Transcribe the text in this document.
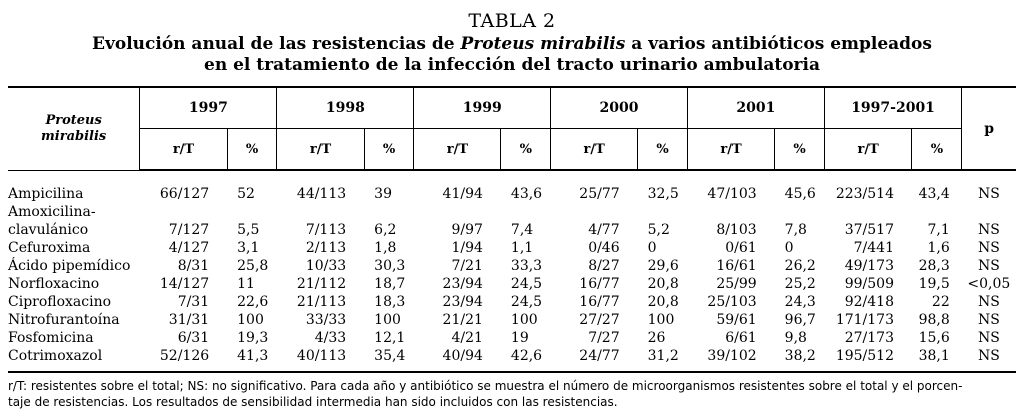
TABLA 2
Evolución anual de las resistencias de Proteus mirabilis a varios antibióticos empleados
en el tratamiento de la infección del tracto urinario ambulatoria
Proteus
mirabilis	1997		1998		1999		2000		2001		1997-2001		p
	r/T	%	r/T	%	r/T	%	r/T	%	r/T	%	r/T	%	
Ampicilina	66/127	52	44/113	39	41/94	43,6	25/77	32,5	47/103	45,6	223/514	43,4	NS
Amoxicilina-													
clavulánico	7/127	5,5	7/113	6,2	9/97	7,4	4/77	5,2	8/103	7,8	37/517	7,1	NS
Cefuroxima	4/127	3,1	2/113	1,8	1/94	1,1	0/46	0	0/61	0	7/441	1,6	NS
Ácido pipemídico	8/31	25,8	10/33	30,3	7/21	33,3	8/27	29,6	16/61	26,2	49/173	28,3	NS
Norfloxacino	14/127	11	21/112	18,7	23/94	24,5	16/77	20,8	25/99	25,2	99/509	19,5	<0,05
Ciprofloxacino	7/31	22,6	21/113	18,3	23/94	24,5	16/77	20,8	25/103	24,3	92/418	22	NS
Nitrofurantoína	31/31	100	33/33	100	21/21	100	27/27	100	59/61	96,7	171/173	98,8	NS
Fosfomicina	6/31	19,3	4/33	12,1	4/21	19	7/27	26	6/61	9,8	27/173	15,6	NS
Cotrimoxazol	52/126	41,3	40/113	35,4	40/94	42,6	24/77	31,2	39/102	38,2	195/512	38,1	NS
r/T: resistentes sobre el total; NS: no significativo. Para cada año y antibiótico se muestra el número de microorganismos resistentes sobre el total y el porcen-
taje de resistencias. Los resultados de sensibilidad intermedia han sido incluidos con las resistencias.
